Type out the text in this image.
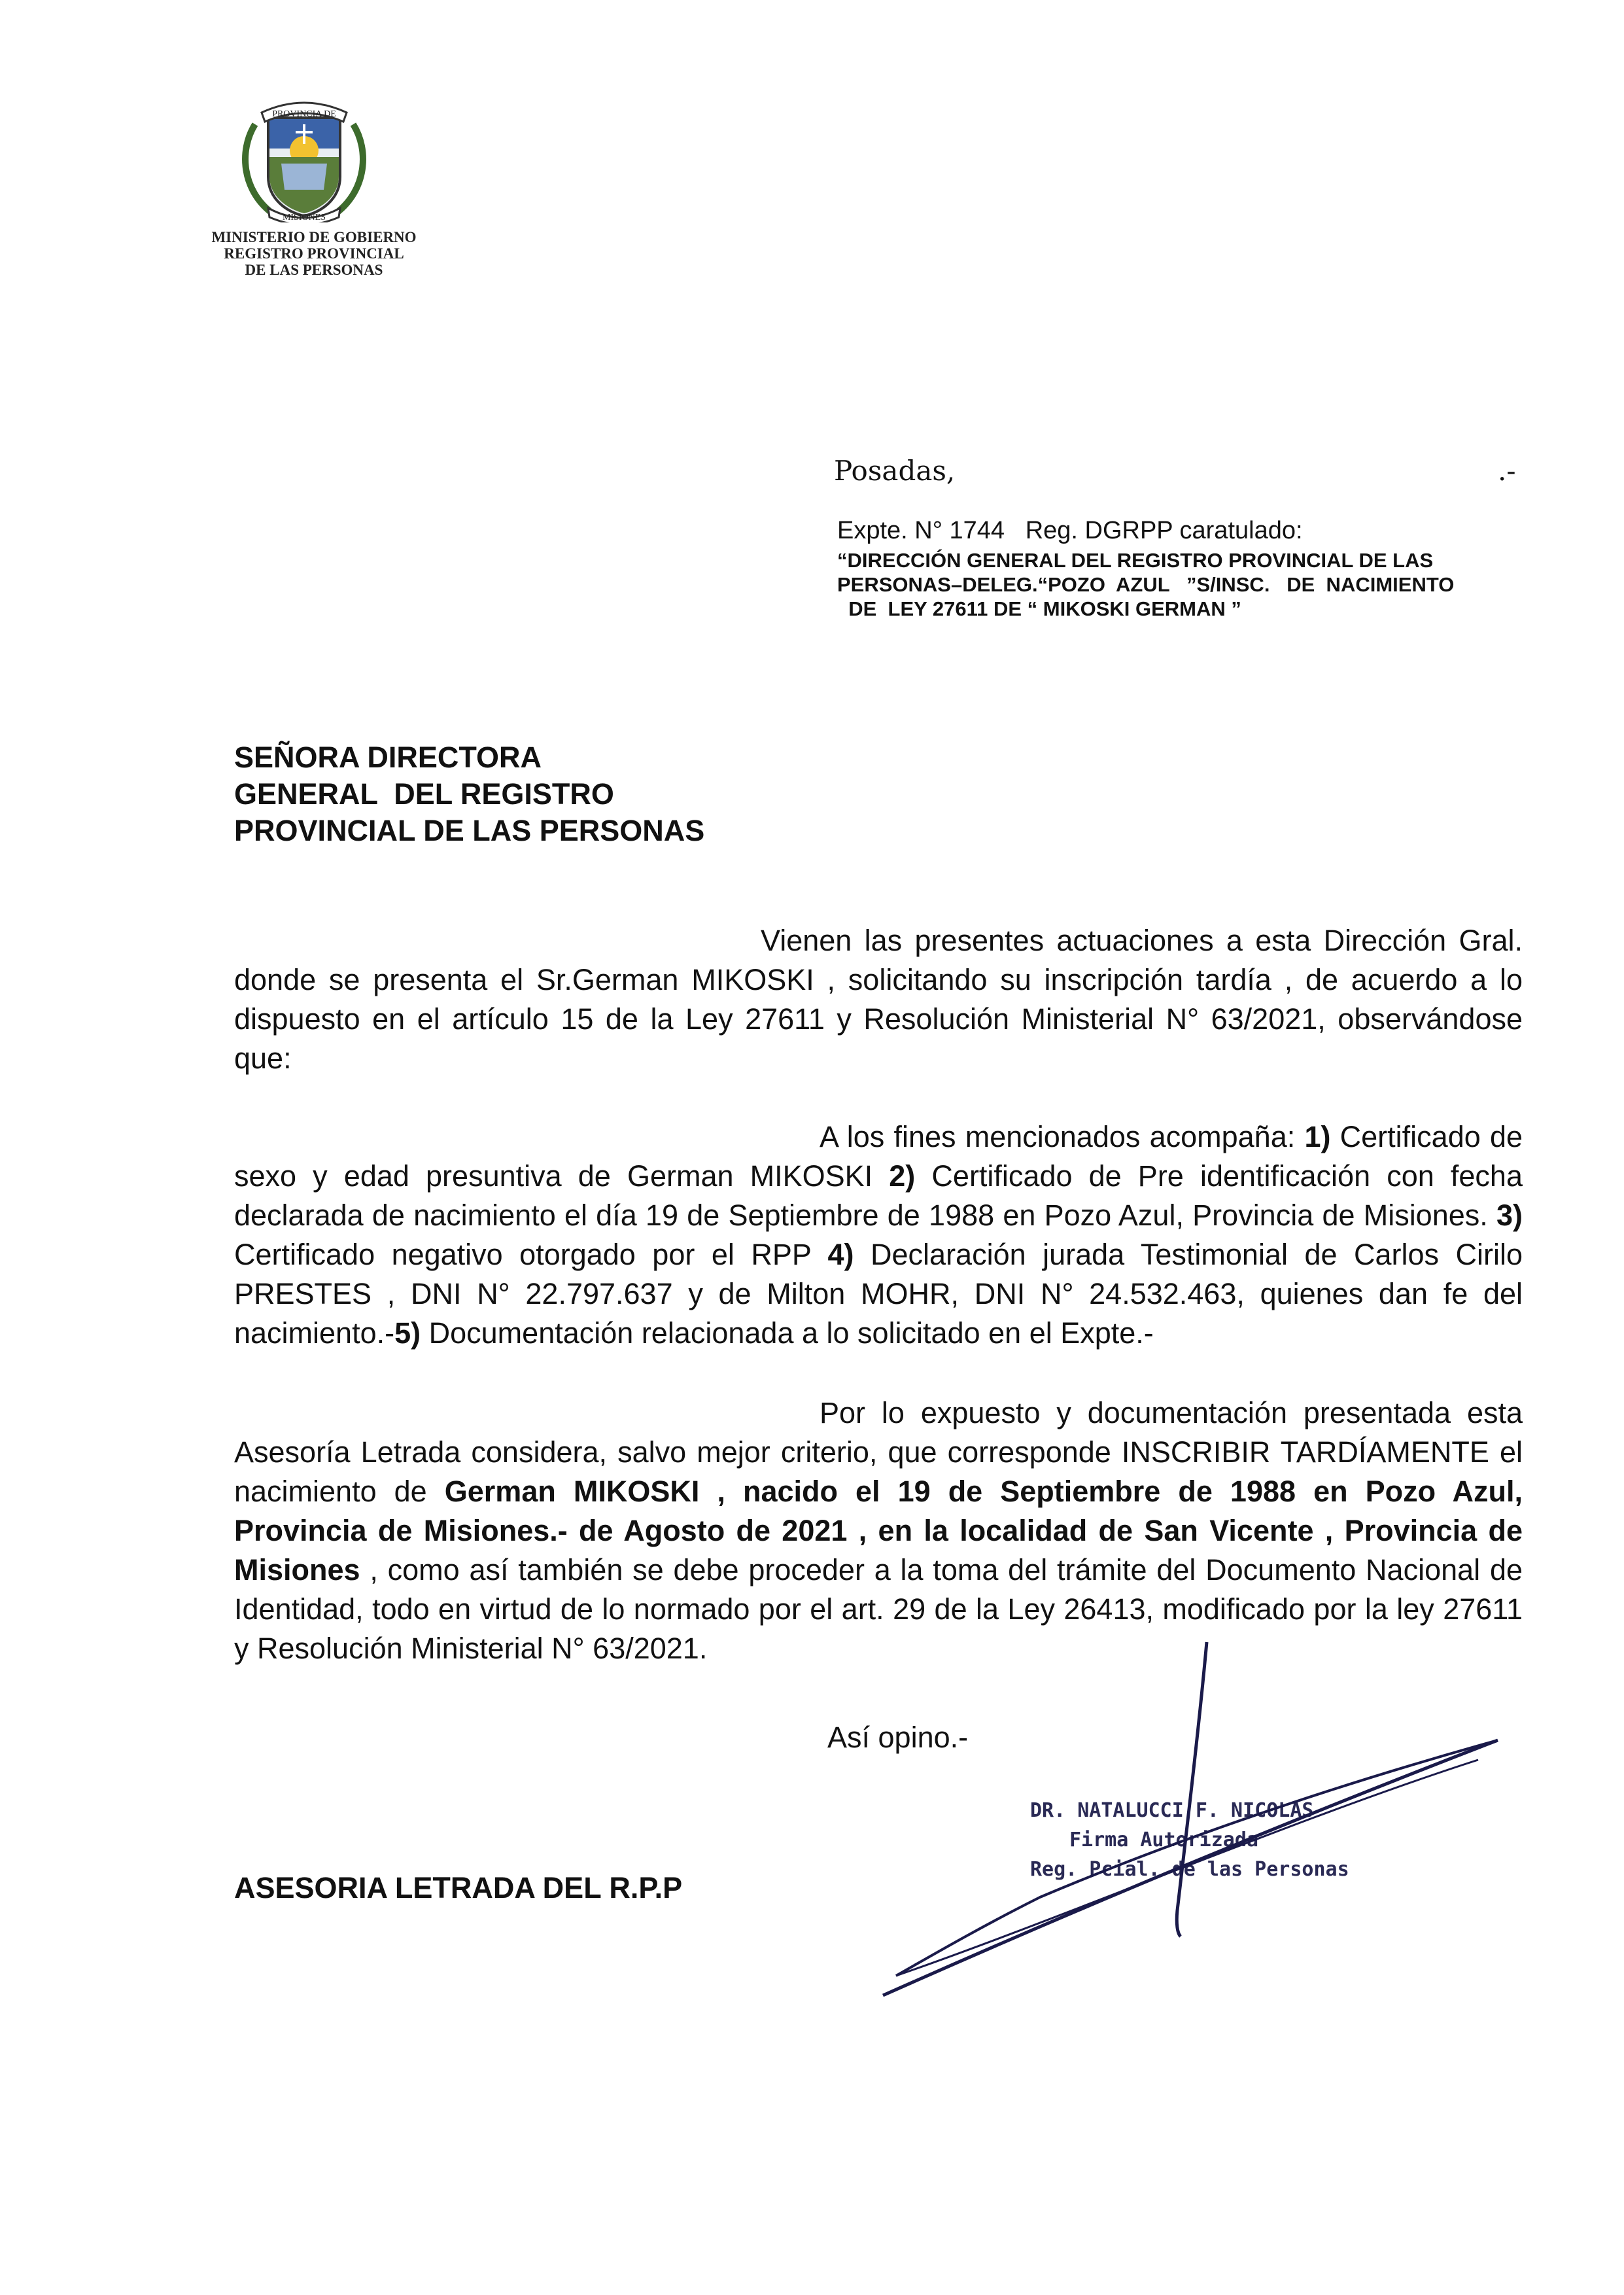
PROVINCIA DE
MISIONES
MINISTERIO DE GOBIERNO
REGISTRO PROVINCIAL
DE LAS PERSONAS
Posadas,	.-
Expte. N° 1744   Reg. DGRPP caratulado:
“DIRECCIÓN GENERAL DEL REGISTRO PROVINCIAL DE LAS
PERSONAS–DELEG.“POZO  AZUL   ”S/INSC.   DE  NACIMIENTO
DE  LEY 27611 DE “ MIKOSKI GERMAN ”
SEÑORA DIRECTORA
GENERAL  DEL REGISTRO
PROVINCIAL DE LAS PERSONAS

Vienen las presentes actuaciones a esta Dirección Gral. donde se presenta el Sr.German MIKOSKI , solicitando su inscripción tardía , de acuerdo a lo dispuesto en el artículo 15 de la Ley 27611 y Resolución Ministerial N° 63/2021, observándose que:

A los fines mencionados acompaña: 1) Certificado de sexo y edad presuntiva de German MIKOSKI 2) Certificado de Pre identificación con fecha declarada de nacimiento el día 19 de Septiembre de 1988 en Pozo Azul, Provincia de Misiones. 3) Certificado negativo otorgado por el RPP 4) Declaración jurada Testimonial de Carlos Cirilo PRESTES , DNI N° 22.797.637 y de Milton MOHR, DNI N° 24.532.463, quienes dan fe del nacimiento.-5) Documentación relacionada a lo solicitado en el Expte.-

Por lo expuesto y documentación presentada esta Asesoría Letrada considera, salvo mejor criterio, que corresponde INSCRIBIR TARDÍAMENTE el nacimiento de German MIKOSKI , nacido el 19 de Septiembre de 1988 en Pozo Azul, Provincia de Misiones.- de Agosto de 2021 , en la localidad de San Vicente , Provincia de Misiones , como así también se debe proceder a la toma del trámite del Documento Nacional de Identidad, todo en virtud de lo normado por el art. 29 de la Ley 26413, modificado por la ley 27611 y Resolución Ministerial N° 63/2021.

Así opino.-
DR. NATALUCCI F. NICOLAS
Firma Autorizada
Reg. Pcial. de las Personas
ASESORIA LETRADA DEL R.P.P
